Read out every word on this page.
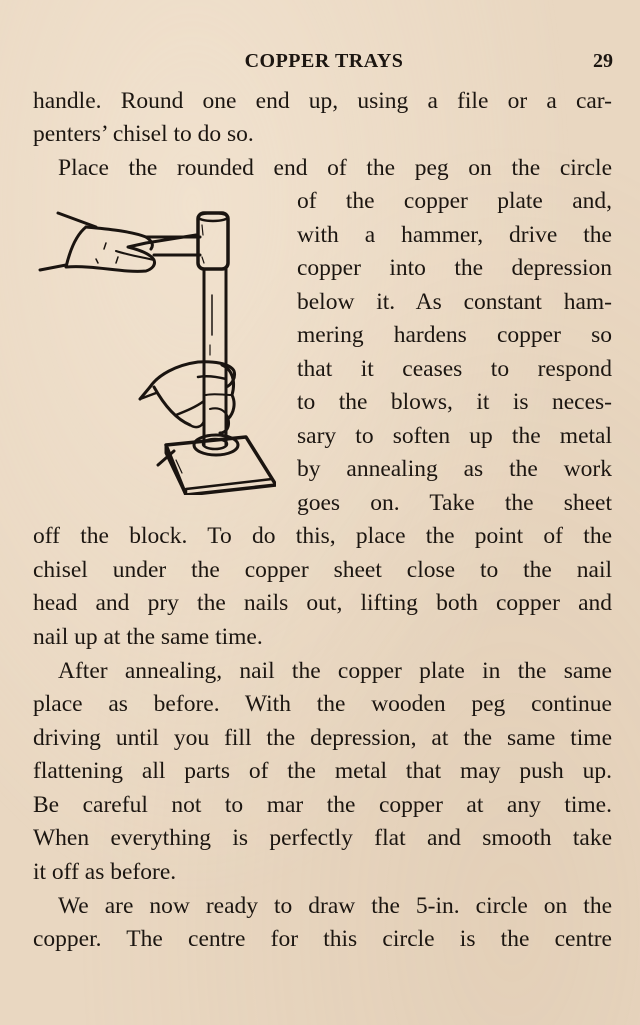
COPPER TRAYS	29
handle. Round one end up, using a file or a car-
penters’ chisel to do so.
Place the rounded end of the peg on the circle
of the copper plate and,
with a hammer, drive the
copper into the depression
below it. As constant ham-
mering hardens copper so
that it ceases to respond
to the blows, it is neces-
sary to soften up the metal
by annealing as the work
goes on. Take the sheet
off the block. To do this, place the point of the
chisel under the copper sheet close to the nail
head and pry the nails out, lifting both copper and
nail up at the same time.
After annealing, nail the copper plate in the same
place as before. With the wooden peg continue
driving until you fill the depression, at the same time
flattening all parts of the metal that may push up.
Be careful not to mar the copper at any time.
When everything is perfectly flat and smooth take
it off as before.
We are now ready to draw the 5-in. circle on the
copper. The centre for this circle is the centre
